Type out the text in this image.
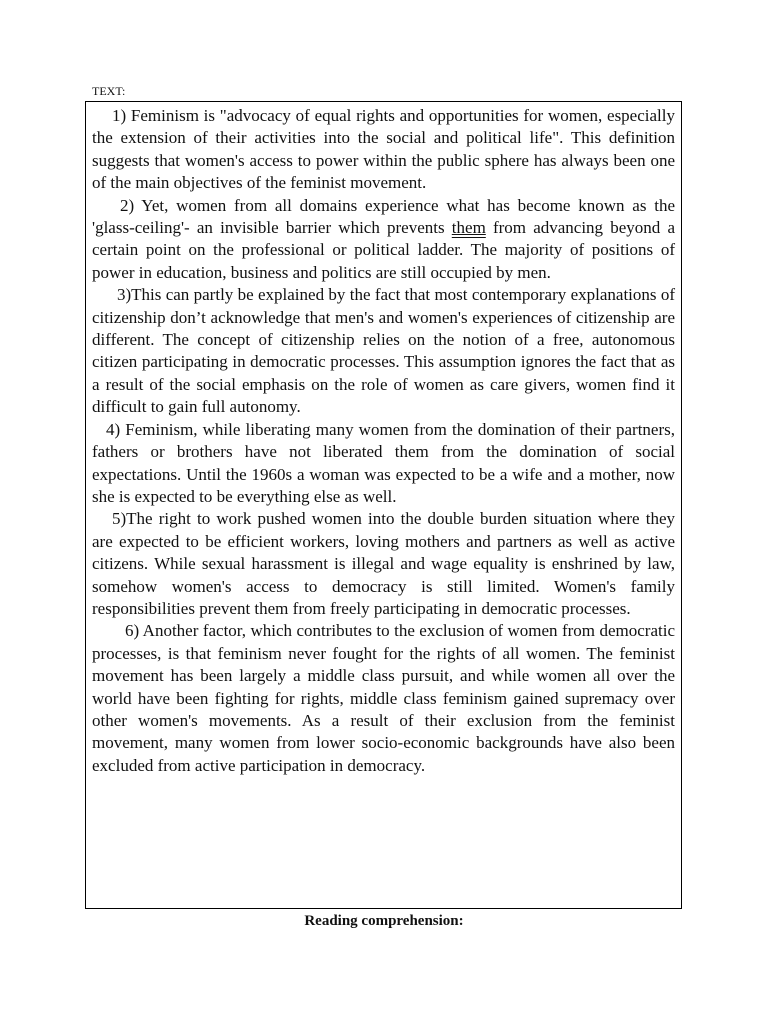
TEXT:

1) Feminism is "advocacy of equal rights and opportunities for women, especially the extension of their activities into the social and political life". This definition suggests that women's access to power within the public sphere has always been one of the main objectives of the feminist movement.

2) Yet, women from all domains experience what has become known as the 'glass-ceiling'- an invisible barrier which prevents them from advancing beyond a certain point on the professional or political ladder. The majority of positions of power in education, business and politics are still occupied by men.

3)This can partly be explained by the fact that most contemporary explanations of citizenship don’t acknowledge that men's and women's experiences of citizenship are different. The concept of citizenship relies on the notion of a free, autonomous citizen participating in democratic processes. This assumption ignores the fact that as a result of the social emphasis on the role of women as care givers, women find it difficult to gain full autonomy.

4) Feminism, while liberating many women from the domination of their partners, fathers or brothers have not liberated them from the domination of social expectations. Until the 1960s a woman was expected to be a wife and a mother, now she is expected to be everything else as well.

5)The right to work pushed women into the double burden situation where they are expected to be efficient workers, loving mothers and partners as well as active citizens. While sexual harassment is illegal and wage equality is enshrined by law, somehow women's access to democracy is still limited. Women's family responsibilities prevent them from freely participating in democratic processes.

6) Another factor, which contributes to the exclusion of women from democratic processes, is that feminism never fought for the rights of all women. The feminist movement has been largely a middle class pursuit, and while women all over the world have been fighting for rights, middle class feminism gained supremacy over other women's movements. As a result of their exclusion from the feminist movement, many women from lower socio-economic backgrounds have also been excluded from active participation in democracy.

Reading comprehension:
